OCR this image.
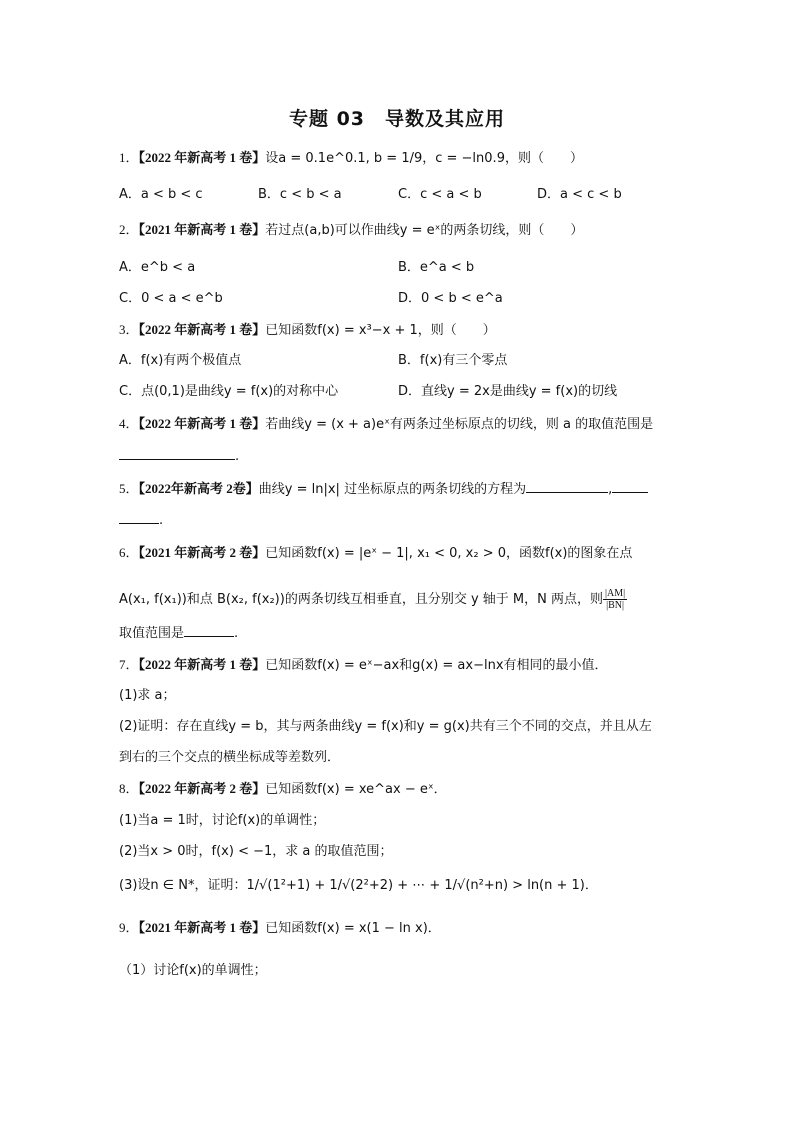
专题 03　导数及其应用
1．【2022 年新高考 1 卷】设a = 0.1e^0.1, b = 1/9，c = −ln0.9，则（　　）
A．a < b < c	B．c < b < a	C．c < a < b	D．a < c < b
2．【2021 年新高考 1 卷】若过点(a,b)可以作曲线y = eˣ的两条切线，则（　　）
A．e^b < a	B．e^a < b
C．0 < a < e^b	D．0 < b < e^a
3．【2022 年新高考 1 卷】已知函数f(x) = x³−x + 1，则（　　）
A．f(x)有两个极值点	B．f(x)有三个零点
C．点(0,1)是曲线y = f(x)的对称中心	D．直线y = 2x是曲线y = f(x)的切线
4．【2022 年新高考 1 卷】若曲线y = (x + a)eˣ有两条过坐标原点的切线，则 a 的取值范围是
.
5．【2022年新高考 2卷】曲线y = ln|x| 过坐标原点的两条切线的方程为	,
.
6．【2021 年新高考 2 卷】已知函数f(x) = |eˣ − 1|, x₁ < 0, x₂ > 0，函数f(x)的图象在点
A(x₁, f(x₁))和点 B(x₂, f(x₂))的两条切线互相垂直，且分别交 y 轴于 M，N 两点，则 $\frac{|AM|}{|BN|}$
取值范围是	.
7．【2022 年新高考 1 卷】已知函数f(x) = eˣ−ax和g(x) = ax−lnx有相同的最小值．
(1)求 a；
(2)证明：存在直线y = b，其与两条曲线y = f(x)和y = g(x)共有三个不同的交点，并且从左
到右的三个交点的横坐标成等差数列．
8．【2022 年新高考 2 卷】已知函数f(x) = xe^ax − eˣ．
(1)当a = 1时，讨论f(x)的单调性；
(2)当x > 0时，f(x) < −1，求 a 的取值范围；
(3)设n ∈ N*，证明：1/√(1²+1) + 1/√(2²+2) + ⋯ + 1/√(n²+n) > ln(n + 1)．
9．【2021 年新高考 1 卷】已知函数f(x) = x(1 − ln x)．
（1）讨论f(x)的单调性；
